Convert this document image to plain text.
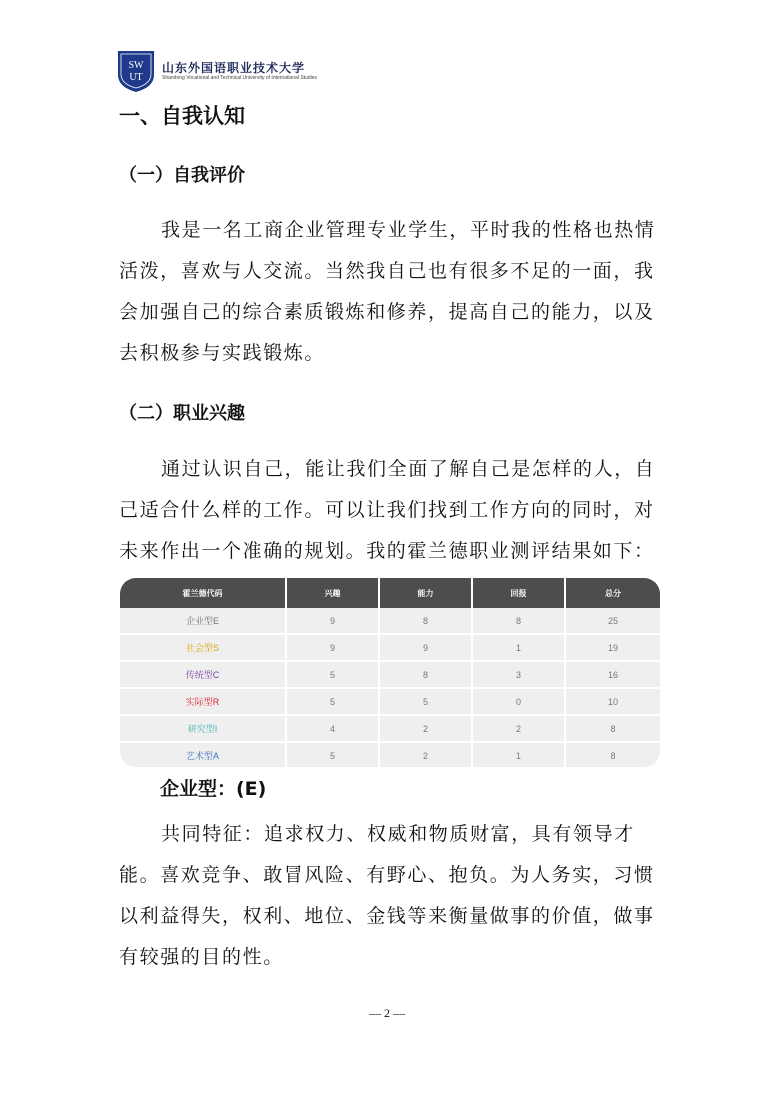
SW
UT
山东外国语职业技术大学
Shandong Vocational and Technical University of International Studies
一、自我认知
（一）自我评价
我是一名工商企业管理专业学生，平时我的性格也热情活泼，喜欢与人交流。当然我自己也有很多不足的一面，我会加强自己的综合素质锻炼和修养，提高自己的能力，以及去积极参与实践锻炼。
（二）职业兴趣
通过认识自己，能让我们全面了解自己是怎样的人，自己适合什么样的工作。可以让我们找到工作方向的同时，对未来作出一个准确的规划。我的霍兰德职业测评结果如下：
霍兰德代码	兴趣	能力	回报	总分
企业型E	9	8	8	25
社会型S	9	9	1	19
传统型C	5	8	3	16
实际型R	5	5	0	10
研究型I	4	2	2	8
艺术型A	5	2	1	8
企业型：(E)
共同特征：追求权力、权威和物质财富，具有领导才能。喜欢竞争、敢冒风险、有野心、抱负。为人务实，习惯以利益得失，权利、地位、金钱等来衡量做事的价值，做事有较强的目的性。
— 2 —
